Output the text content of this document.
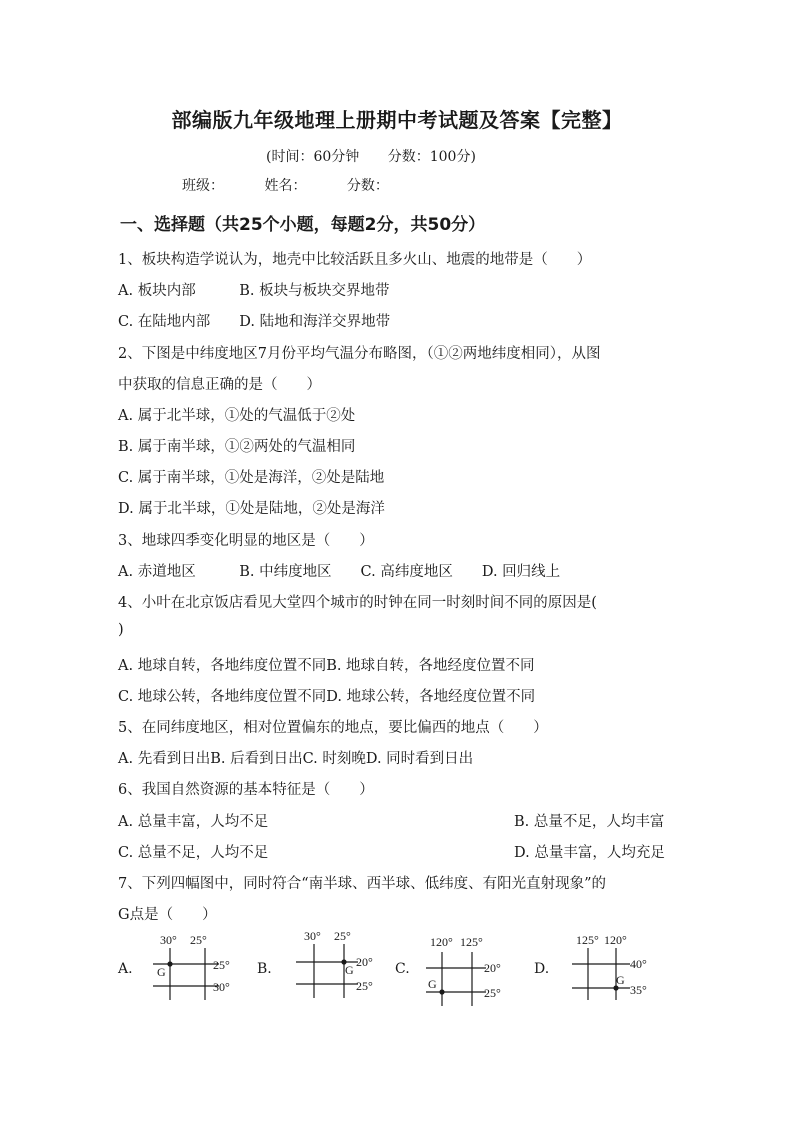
部编版九年级地理上册期中考试题及答案【完整】
(时间：60分钟 分数：100分)
班级：	姓名：	分数：
一、选择题（共25个小题，每题2分，共50分）
1、板块构造学说认为，地壳中比较活跃且多火山、地震的地带是（　　）
A. 板块内部　　　B. 板块与板块交界地带
C. 在陆地内部　　D. 陆地和海洋交界地带
2、下图是中纬度地区7月份平均气温分布略图，（①②两地纬度相同），从图
中获取的信息正确的是（　　）
A. 属于北半球，①处的气温低于②处
B. 属于南半球，①②两处的气温相同
C. 属于南半球，①处是海洋，②处是陆地
D. 属于北半球，①处是陆地，②处是海洋
3、地球四季变化明显的地区是（　　）
A. 赤道地区　　　B. 中纬度地区　　C. 高纬度地区　　D. 回归线上
4、小叶在北京饭店看见大堂四个城市的时钟在同一时刻时间不同的原因是(
)
A. 地球自转，各地纬度位置不同B. 地球自转，各地经度位置不同
C. 地球公转，各地纬度位置不同D. 地球公转，各地经度位置不同
5、在同纬度地区，相对位置偏东的地点，要比偏西的地点（　　）
A. 先看到日出B. 后看到日出C. 时刻晚D. 同时看到日出
6、我国自然资源的基本特征是（　　）
A. 总量丰富，人均不足	B. 总量不足，人均丰富
C. 总量不足，人均不足	D. 总量丰富，人均充足
7、下列四幅图中，同时符合“南半球、西半球、低纬度、有阳光直射现象”的
G点是（　　）
A.
30° 25°
25°
30°
G	B.
30° 25°
20°
25°
G	C.
120° 125°
20°
25°
G
D.
125° 120°
40°
35°
G
